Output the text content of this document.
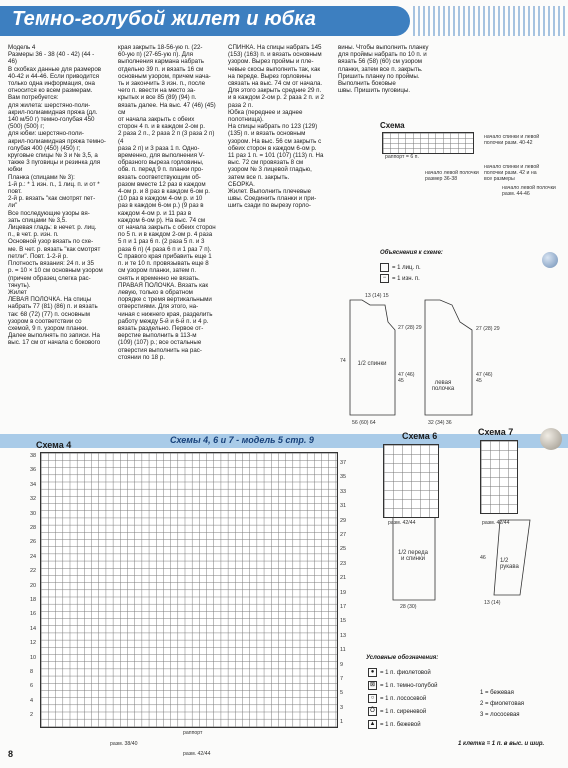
Темно-голубой жилет и юбка
Модель 4
Размеры 36 - 38 (40 - 42) (44 -
46)
В скобках данные для размеров
40-42 и 44-46. Если приводится
только одна информация, она
относится ко всем размерам.
Вам потребуется:
для жилета: шерстяно-поли-
акрил-полиамидная пряжа (дл.
140 м/50 г) темно-голубая 450
(500) (500) г;
для юбки: шерстяно-поли-
акрил-полиамидная пряжа темно-
голубая 400 (450) (450) г;
круговые спицы № 3 и № 3,5, а
также 3 пуговицы и резинка для
юбки
Планка (спицами № 3):
1-й р.: * 1 изн. п., 1 лиц. п. и от *
повт.
2-й р. вязать "как смотрят пет-
ли"
Все последующие узоры вя-
зать спицами № 3,5.
Лицевая гладь: в нечет. р. лиц.
п., в чет. р. изн. п.
Основной узор вязать по схе-
ме. В чет. р. вязать "как смотрят
петли". Повт. 1-2-й р.
Плотность вязания: 24 п. и 35
р. = 10 × 10 см основным узором
(причем образец слегка рас-
тянуть).
Жилет
ЛЕВАЯ ПОЛОЧКА. На спицы
набрать 77 (81) (86) п. и вязать
так: 68 (72) (77) п. основным
узором в соответствии со
схемой, 9 п. узором планки.
Далее выполнять по записи. На
выс. 17 см от начала с бокового
края закрыть 18-56-ую п. (22-
60-ую п) (27-65-ую п). Для
выполнения кармана набрать
отдельно 39 п. и вязать 16 см
основным узором, причем нача-
ть и закончить 3 изн. п., после
чего п. ввести на место за-
крытых и все 85 (89) (94) п.
вязать далее. На выс. 47 (46) (45) см
от начала закрыть с обеих
сторон 4 п. и в каждом 2-ом р.
2 раза 2 п., 2 раза 2 п (3 раза 2 п) (4
раза 2 п) и 3 раза 1 п. Одно-
временно, для выполнения V-
образного выреза горловины,
обв. п. перед 9 п. планки про-
вязать соответствующим об-
разом вместе 12 раз в каждом
4-ом р. и 8 раз в каждом 6-ом р.
(10 раз в каждом 4-ом р. и 10
раз в каждом 6-ом р.) (9 раз в
каждом 4-ом р. и 11 раз в
каждом 6-ом р). На выс. 74 см
от начала закрыть с обеих сторон
по 5 п. и в каждом 2-ом р. 4 раза
5 п и 1 раз 6 п. (2 раза 5 п. и 3
раза 6 п) (4 раза 6 п и 1 раз 7 п).
С правого края прибавить еще 1
п. и те 10 п. провязывать еще 8
см узором планки, затем п.
снять и временно не вязать.
ПРАВАЯ ПОЛОЧКА. Вязать как
левую, только в обратном
порядке с тремя вертикальными
отверстиями. Для этого, на-
чиная с нижнего края, разделить
работу между 5-й и 6-й п. и 4 р.
вязать раздельно. Первое от-
верстие выполнить в 113-м
(109) (107) р.; все остальные
отверстия выполнить на рас-
стоянии по 18 р.
СПИНКА. На спицы набрать 145
(153) (163) п. и вязать основным
узором. Вырез проймы и пле-
чевые скосы выполнить так, как
на переде. Вырез горловины
связать на выс. 74 см от начала.
Для этого закрыть средние 29 п.
и в каждом 2-ом р. 2 раза 2 п. и 2
раза 2 п.
Юбка (переднее и заднее
полотнища).
На спицы набрать по 123 (129)
(135) п. и вязать основным
узором. На выс. 56 см закрыть с
обеих сторон в каждом 6-ом р.
11 раз 1 п. = 101 (107) (113) п. На
выс. 72 см провязать 8 см
узором № 3 лицевой гладью,
затем все п. закрыть.
СБОРКА.
Жилет. Выполнить плечевые
швы. Соединить планки и при-
шить сзади по вырезу горло-
вины. Чтобы выполнить планку
для проймы набрать по 10 п. и
вязать 56 (58) (60) см узором
планки, затем все п. закрыть.
Пришить планку по проймы.
Выполнить боковые
швы. Пришить пуговицы.
Схема
раппорт = 6 п.
начало левой полочки размер 36-38
начало спинки и левой полочки разм. 40-42
начало левой полочки разм. 44-46
начало спинки и левой полочки разм. 42 и на все размеры
Объяснения к схеме:
= 1 лиц. п.
− = 1 изн. п.
1/2 спинки
левая полочка
56 (60) 64	32 (34) 36
74
13 (14) 15
27 (28) 29
47 (46) 45
27 (28) 29
47 (46) 45
Схемы 4, 6 и 7 - модель 5 стр. 9
Схема 4
38
36
34
32
30
28
26
24
22
20
18
16
14
12
10
8
6
4
2
37
35
33
31
29
27
25
23
21
19
17
15
13
11
9
7
5
3
1
раппорт
разм. 38/40
разм. 42/44
Схема 6
разм. 42/44
Схема 7
разм. 42/44
1/2 переда и спинки
28 (30)
1/2 рукава
13 (14)
46
Условные обозначения:
● = 1 п. фиолетовой
⊠ = 1 п. темно-голубой
○ = 1 п. лососевой
Ō = 1 п. сиреневой
▲ = 1 п. бежевой
1 = бежевая
2 = фиолетовая
3 = лососевая
8
1 клетка = 1 п. в выс. и шир.
